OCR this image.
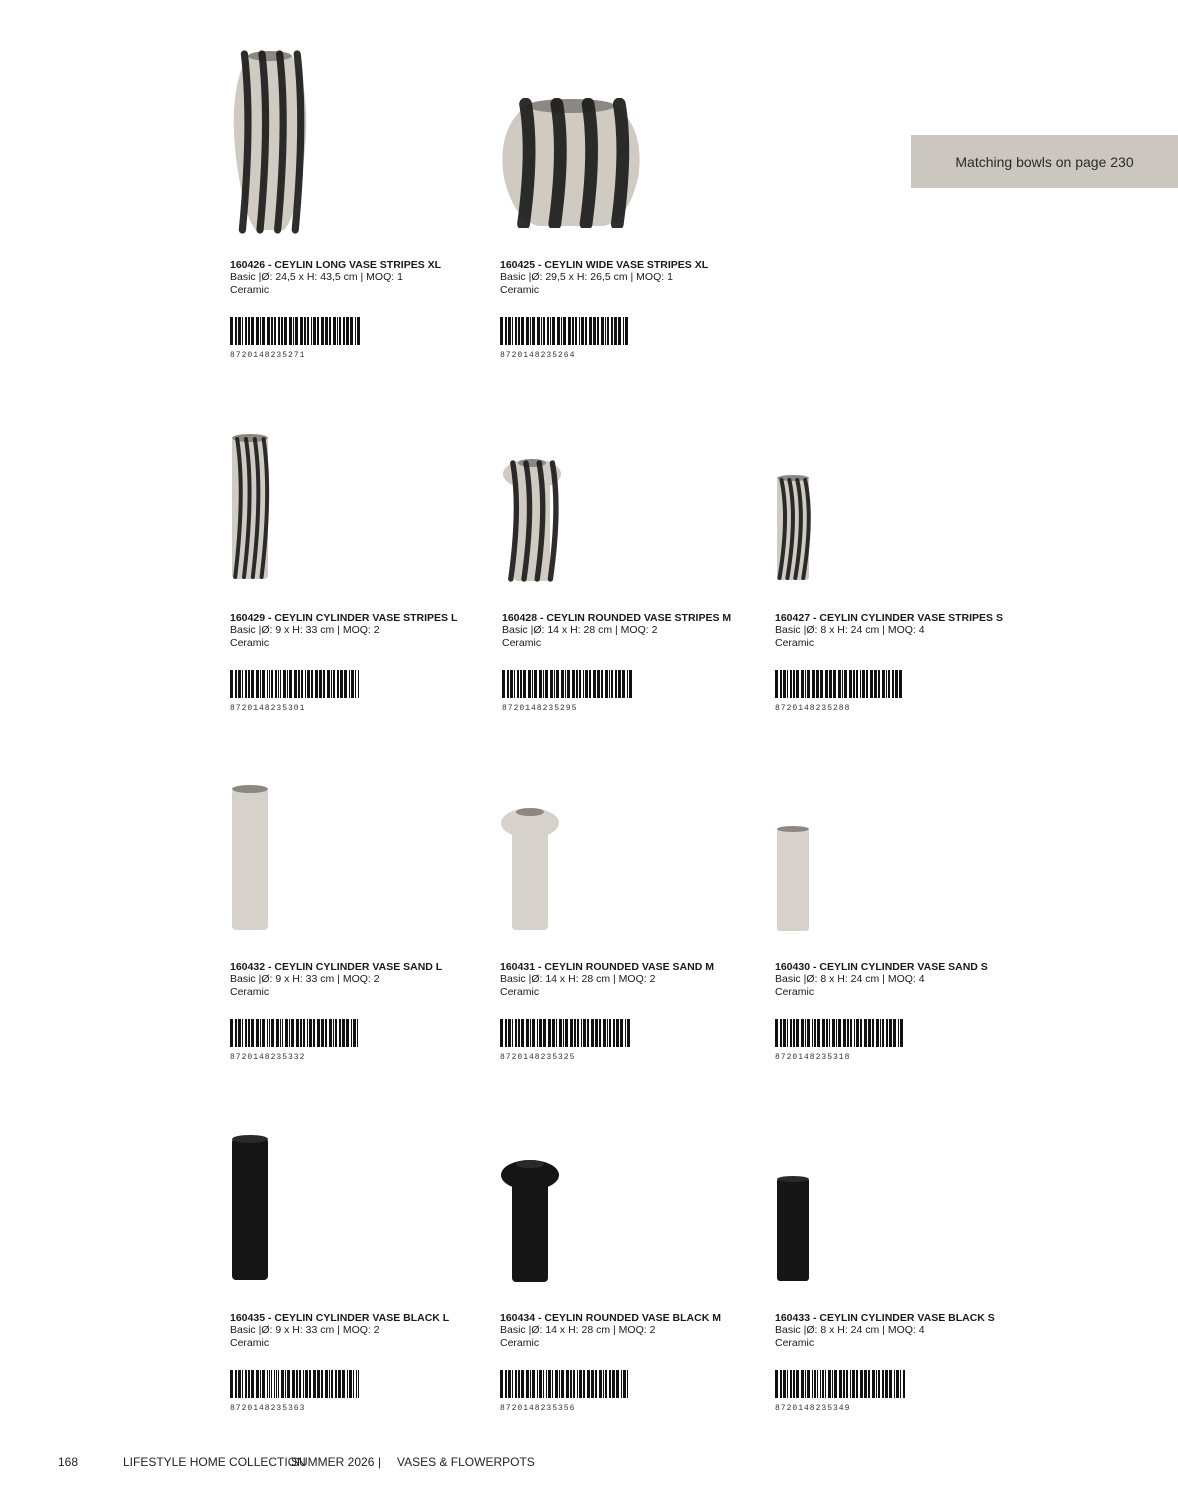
Matching bowls on page 230
160426 - CEYLIN LONG VASE STRIPES XL
Basic |Ø: 24,5 x H: 43,5 cm | MOQ: 1
Ceramic
8720148235271
160425 - CEYLIN WIDE VASE STRIPES XL
Basic |Ø: 29,5 x H: 26,5 cm | MOQ: 1
Ceramic
8720148235264
160429 - CEYLIN CYLINDER VASE STRIPES L
Basic |Ø: 9 x H: 33 cm | MOQ: 2
Ceramic
8720148235301
160428 - CEYLIN ROUNDED VASE STRIPES M
Basic |Ø: 14 x H: 28 cm | MOQ: 2
Ceramic
8720148235295
160427 - CEYLIN CYLINDER VASE STRIPES S
Basic |Ø: 8 x H: 24 cm | MOQ: 4
Ceramic
8720148235288
160432 - CEYLIN CYLINDER VASE SAND L
Basic |Ø: 9 x H: 33 cm | MOQ: 2
Ceramic
8720148235332
160431 - CEYLIN ROUNDED VASE SAND M
Basic |Ø: 14 x H: 28 cm | MOQ: 2
Ceramic
8720148235325
160430 - CEYLIN CYLINDER VASE SAND S
Basic |Ø: 8 x H: 24 cm | MOQ: 4
Ceramic
8720148235318
160435 - CEYLIN CYLINDER VASE BLACK L
Basic |Ø: 9 x H: 33 cm | MOQ: 2
Ceramic
8720148235363
160434 - CEYLIN ROUNDED VASE BLACK M
Basic |Ø: 14 x H: 28 cm | MOQ: 2
Ceramic
8720148235356
160433 - CEYLIN CYLINDER VASE BLACK S
Basic |Ø: 8 x H: 24 cm | MOQ: 4
Ceramic
8720148235349
168	LIFESTYLE HOME COLLECTION
SUMMER 2026 | VASES & FLOWERPOTS
